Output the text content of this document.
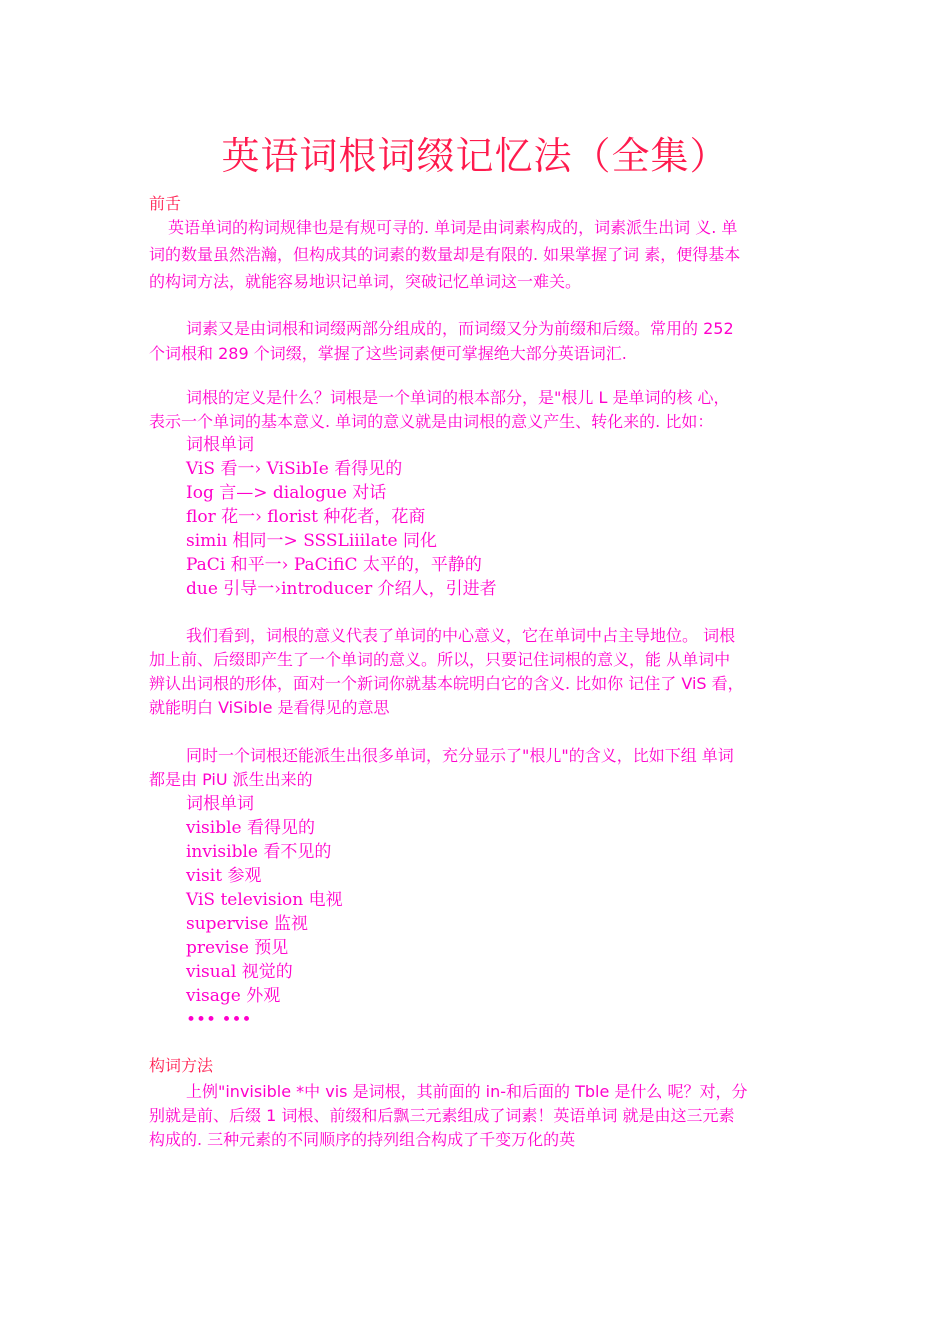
英语词根词缀记忆法（全集）
前舌
英语单词的构词规律也是有规可寻的. 单词是由词素构成的，词素派生出词 义. 单
词的数量虽然浩瀚，但构成其的词素的数量却是有限的. 如果掌握了词 素，便得基本
的构词方法，就能容易地识记单词，突破记忆单词这一难关。
词素又是由词根和词缀两部分组成的，而词缀又分为前缀和后缀。常用的 252
个词根和 289 个词缀，掌握了这些词素便可掌握绝大部分英语词汇.
词根的定义是什么？词根是一个单词的根本部分，是"根儿 L 是单词的核 心，
表示一个单词的基本意义. 单词的意义就是由词根的意义产生、转化来的. 比如：
词根单词
ViS 看一› ViSibIe 看得见的
Iog 言—> dialogue 对话
flor 花一› florist 种花者，花商
simiı 相同一> SSSLiiilate 同化
PaCi 和平一› PaCifiC 太平的，平静的
due 引导一›introducer 介绍人，引进者
我们看到，词根的意义代表了单词的中心意义，它在单词中占主导地位。 词根
加上前、后缀即产生了一个单词的意义。所以，只要记住词根的意义，能 从单词中
辨认出词根的形体，面对一个新词你就基本皖明白它的含义. 比如你 记住了 ViS 看，
就能明白 ViSibIe 是看得见的意思
同时一个词根还能派生出很多单词，充分显示了"根儿"的含义，比如下组 单词
都是由 PiU 派生出来的
词根单词
visible 看得见的
invisible 看不见的
visit 参观
ViS television 电视
supervise 监视
previse 预见
visual 视觉的
visage 外观
••• •••
构词方法
上例"invisible *中 vis 是词根，其前面的 in-和后面的 Tble 是什么 呢？对，分
别就是前、后缀 1 词根、前缀和后飘三元素组成了词素！英语单词 就是由这三元素
构成的. 三种元素的不同顺序的持列组合构成了千变万化的英
